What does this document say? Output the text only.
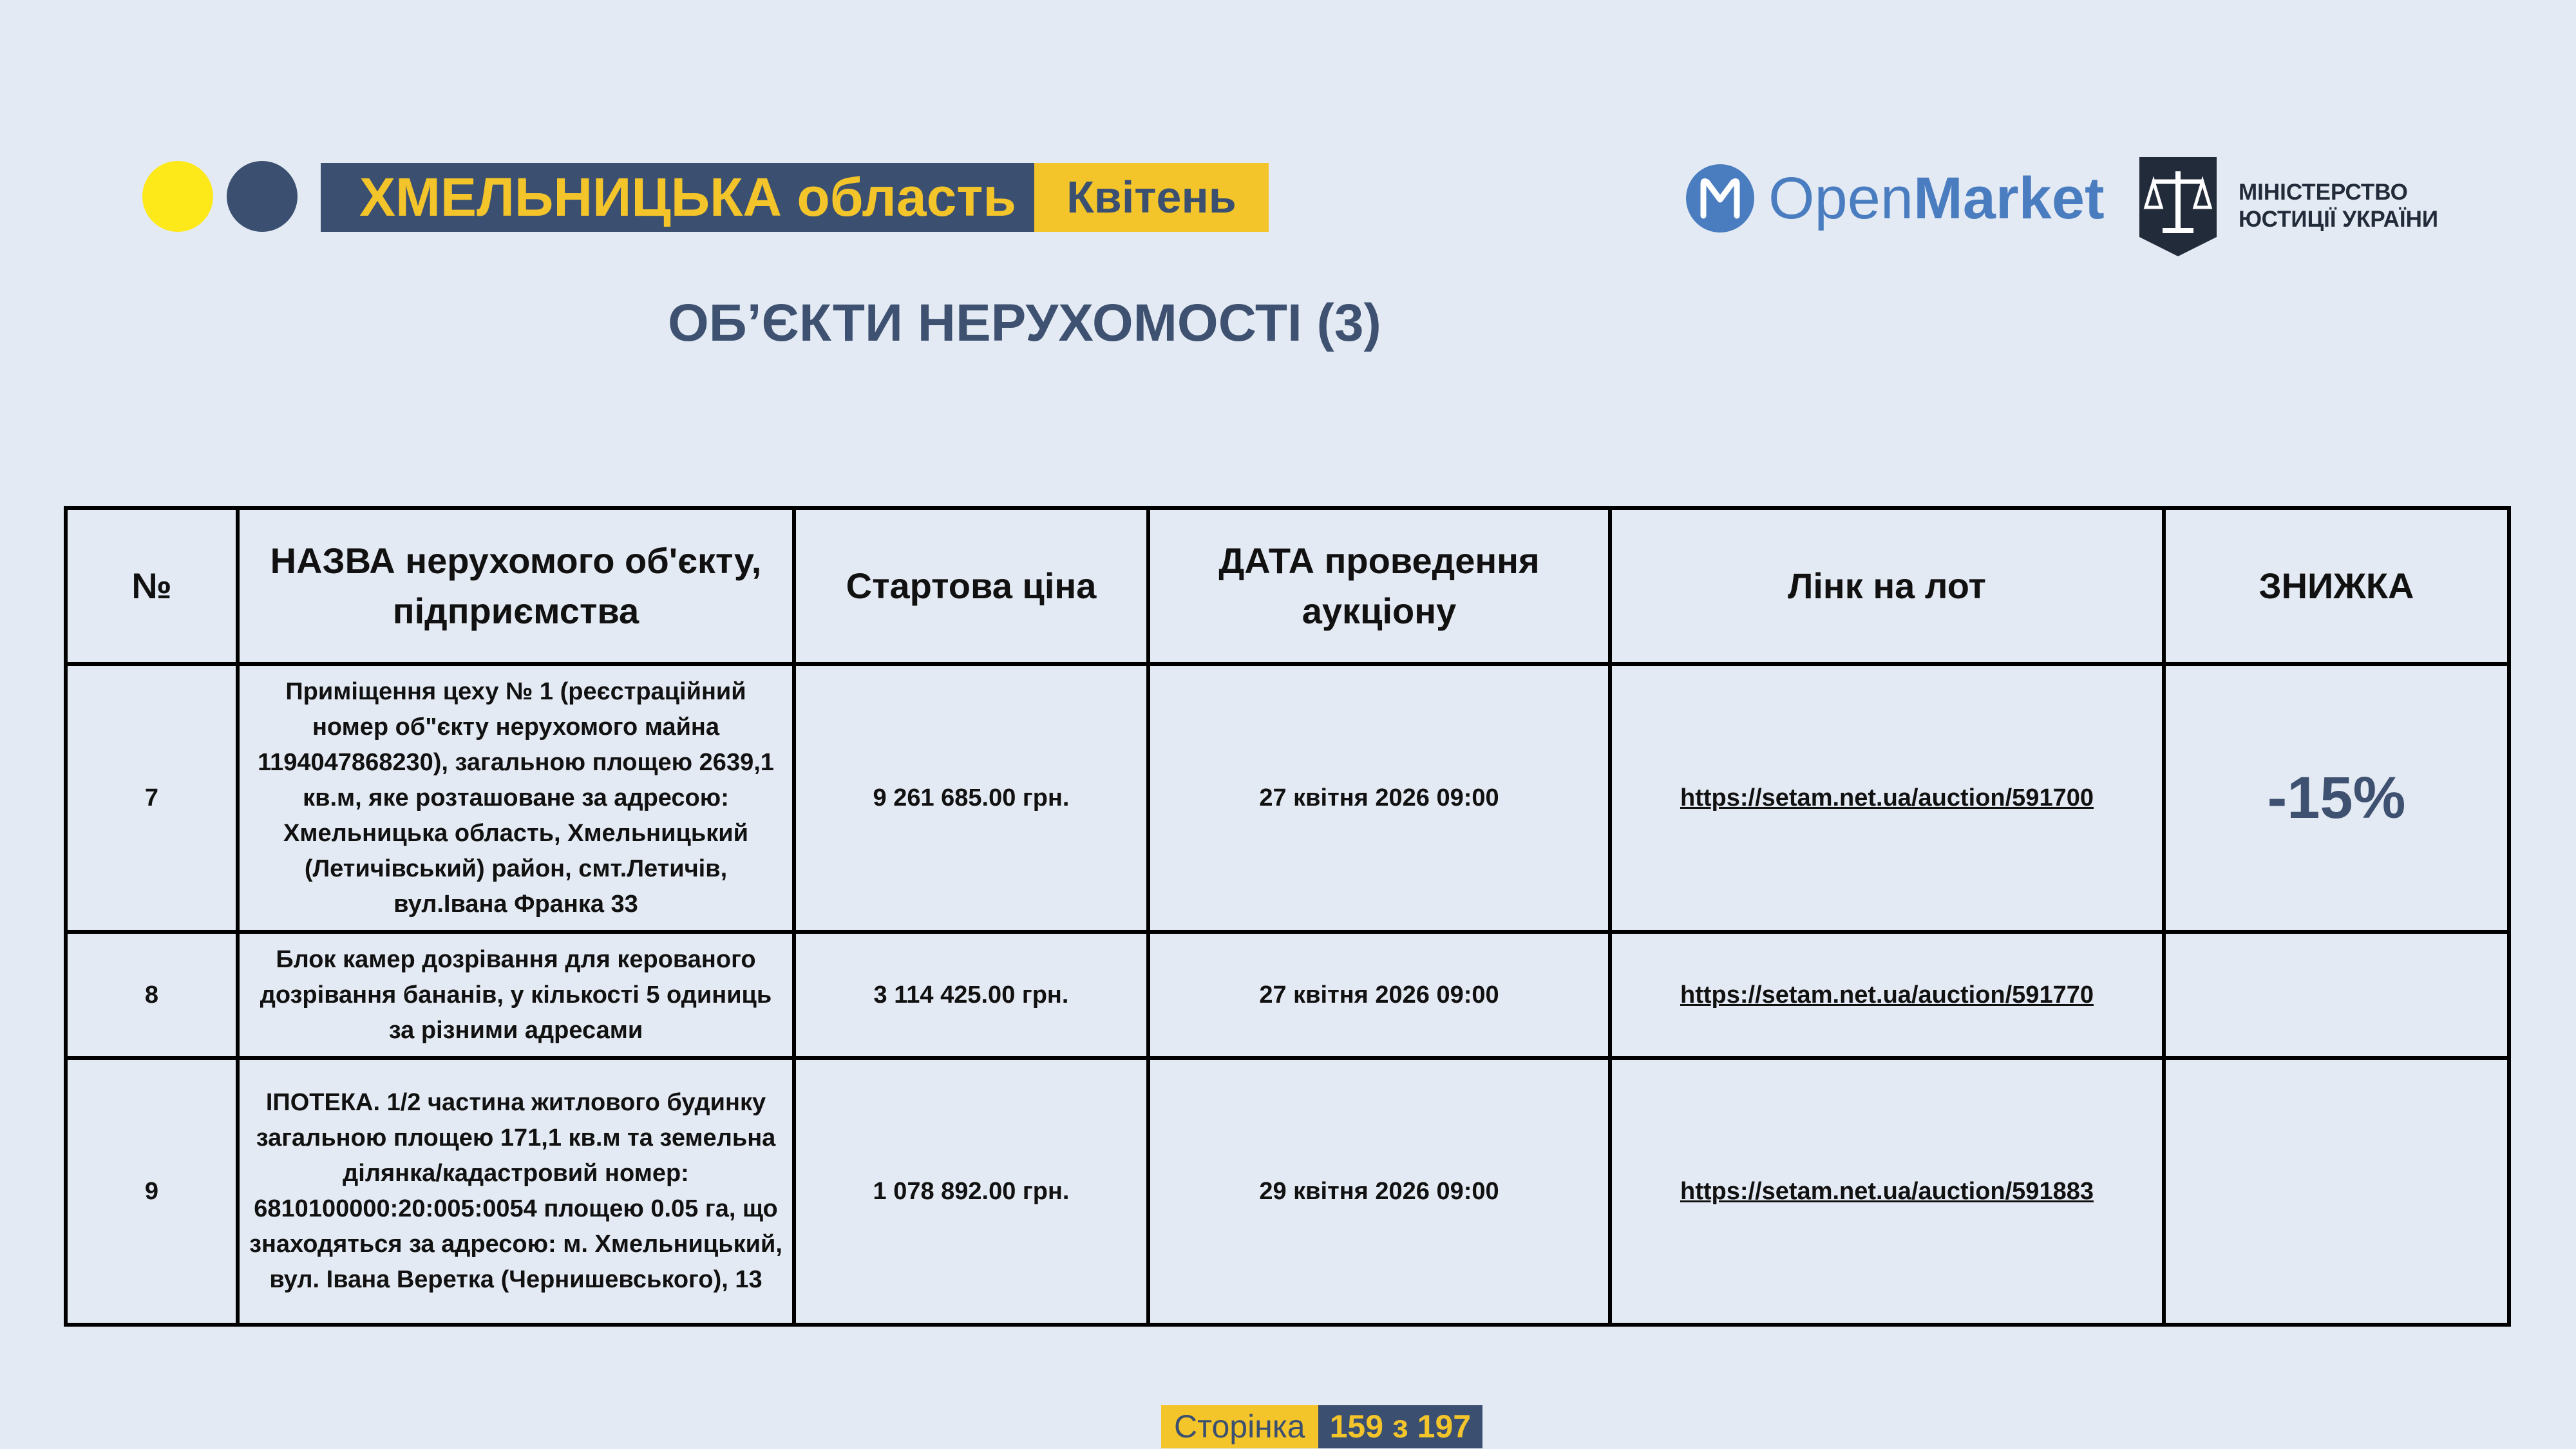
ХМЕЛЬНИЦЬКА область	Квітень	OpenMarket	МІНІСТЕРСТВО
ЮСТИЦІЇ УКРАЇНИ
ОБ’ЄКТИ НЕРУХОМОСТІ (3)
№	НАЗВА нерухомого об'єкту, підприємства	Стартова ціна	ДАТА проведення аукціону	Лінк на лот	ЗНИЖКА
7	Приміщення цеху № 1 (реєстраційний номер об"єкту нерухомого майна 1194047868230), загальною площею 2639,1 кв.м, яке розташоване за адресою: Хмельницька область, Хмельницький (Летичівський) район, смт.Летичів, вул.Івана Франка 33	9 261 685.00 грн.	27 квітня 2026 09:00	https://setam.net.ua/auction/591700	-15%
8	Блок камер дозрівання для керованого дозрівання бананів, у кількості 5 одиниць за різними адресами	3 114 425.00 грн.	27 квітня 2026 09:00	https://setam.net.ua/auction/591770	
9	ІПОТЕКА. 1/2 частина житлового будинку загальною площею 171,1 кв.м та земельна ділянка/кадастровий номер: 6810100000:20:005:0054 площею 0.05 га, що знаходяться за адресою: м. Хмельницький, вул. Івана Веретка (Чернишевського), 13	1 078 892.00 грн.	29 квітня 2026 09:00	https://setam.net.ua/auction/591883	
Сторінка 159 з 197
